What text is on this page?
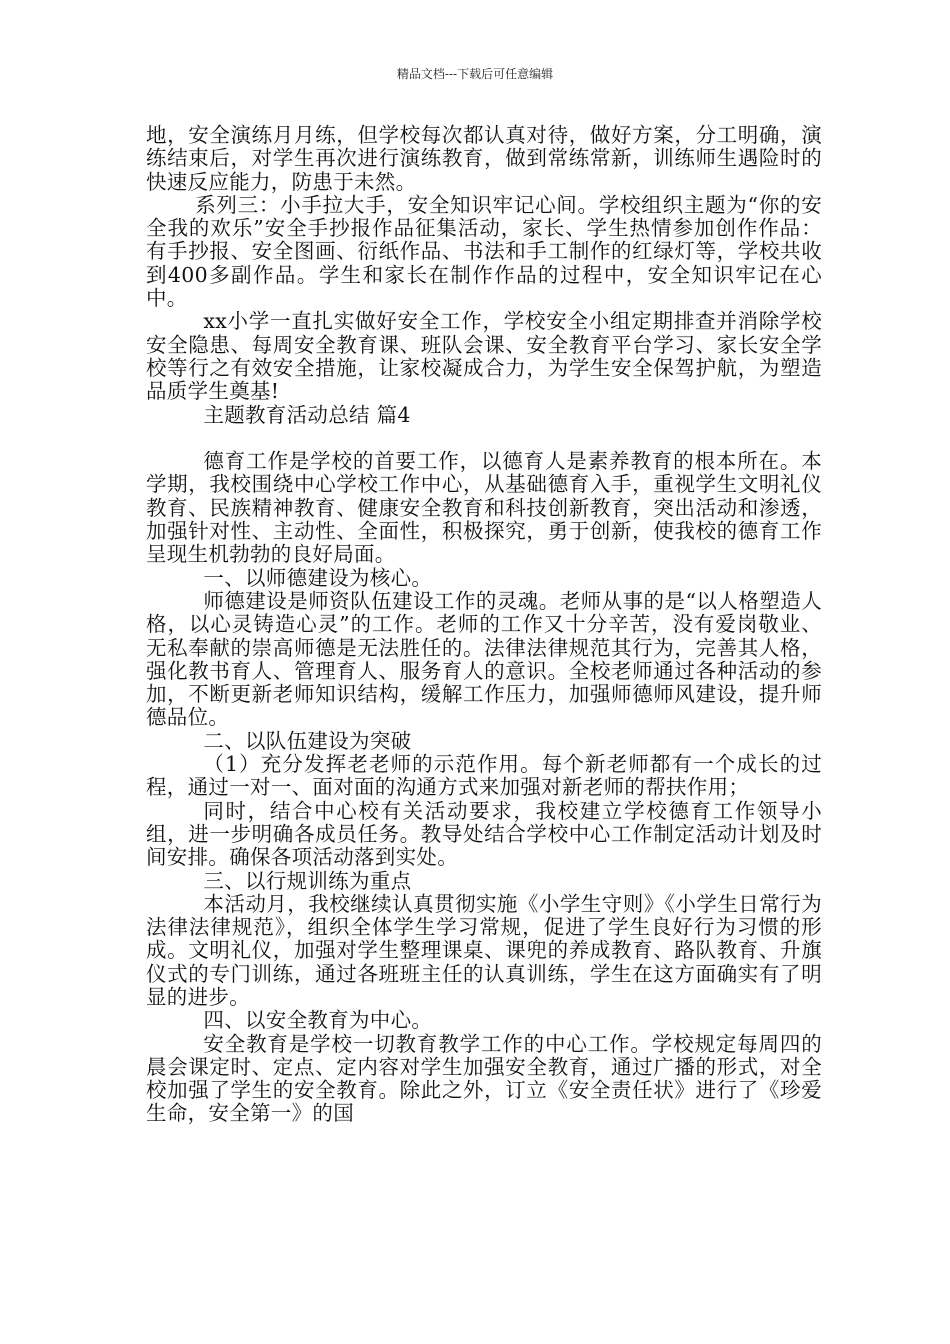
精品文档---下载后可任意编辑

地，安全演练月月练，但学校每次都认真对待，做好方案，分工明确，演练结束后，对学生再次进行演练教育，做到常练常新，训练师生遇险时的快速反应能力，防患于未然。

系列三：小手拉大手，安全知识牢记心间。学校组织主题为“你的安全我的欢乐”安全手抄报作品征集活动，家长、学生热情参加创作作品：有手抄报、安全图画、衍纸作品、书法和手工制作的红绿灯等，学校共收到400多副作品。学生和家长在制作作品的过程中，安全知识牢记在心中。

xx小学一直扎实做好安全工作，学校安全小组定期排查并消除学校安全隐患、每周安全教育课、班队会课、安全教育平台学习、家长安全学校等行之有效安全措施，让家校凝成合力，为学生安全保驾护航，为塑造品质学生奠基!

主题教育活动总结 篇4

德育工作是学校的首要工作，以德育人是素养教育的根本所在。本学期，我校围绕中心学校工作中心，从基础德育入手，重视学生文明礼仪教育、民族精神教育、健康安全教育和科技创新教育，突出活动和渗透，加强针对性、主动性、全面性，积极探究，勇于创新，使我校的德育工作呈现生机勃勃的良好局面。

一、以师德建设为核心。

师德建设是师资队伍建设工作的灵魂。老师从事的是“以人格塑造人格，以心灵铸造心灵”的工作。老师的工作又十分辛苦，没有爱岗敬业、无私奉献的崇高师德是无法胜任的。法律法律规范其行为，完善其人格，强化教书育人、管理育人、服务育人的意识。全校老师通过各种活动的参加，不断更新老师知识结构，缓解工作压力，加强师德师风建设，提升师德品位。

二、以队伍建设为突破

（1）充分发挥老老师的示范作用。每个新老师都有一个成长的过程，通过一对一、面对面的沟通方式来加强对新老师的帮扶作用；

同时，结合中心校有关活动要求，我校建立学校德育工作领导小组，进一步明确各成员任务。教导处结合学校中心工作制定活动计划及时间安排。确保各项活动落到实处。

三、以行规训练为重点

本活动月，我校继续认真贯彻实施《小学生守则》《小学生日常行为法律法律规范》，组织全体学生学习常规，促进了学生良好行为习惯的形成。文明礼仪，加强对学生整理课桌、课兜的养成教育、路队教育、升旗仪式的专门训练，通过各班班主任的认真训练，学生在这方面确实有了明显的进步。

四、以安全教育为中心。

安全教育是学校一切教育教学工作的中心工作。学校规定每周四的晨会课定时、定点、定内容对学生加强安全教育，通过广播的形式，对全校加强了学生的安全教育。除此之外，订立《安全责任状》进行了《珍爱生命，安全第一》的国
